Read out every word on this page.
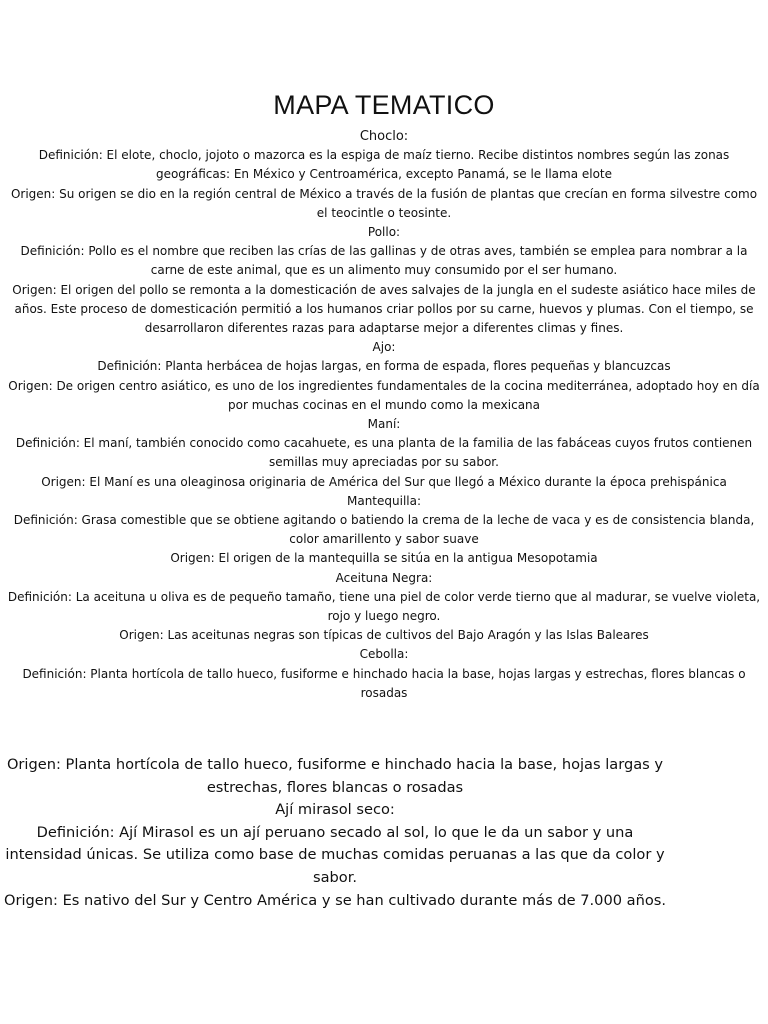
MAPA TEMATICO

Choclo:

Definición: El elote, choclo, jojoto o mazorca es la espiga de maíz tierno. Recibe distintos nombres según las zonas geográficas: En México y Centroamérica, excepto Panamá, se le llama elote

Origen: Su origen se dio en la región central de México a través de la fusión de plantas que crecían en forma silvestre como el teocintle o teosinte.

Pollo:

Definición: Pollo es el nombre que reciben las crías de las gallinas y de otras aves, también se emplea para nombrar a la carne de este animal, que es un alimento muy consumido por el ser humano.

Origen: El origen del pollo se remonta a la domesticación de aves salvajes de la jungla en el sudeste asiático hace miles de años. Este proceso de domesticación permitió a los humanos criar pollos por su carne, huevos y plumas. Con el tiempo, se desarrollaron diferentes razas para adaptarse mejor a diferentes climas y fines.

Ajo:

Definición: Planta herbácea de hojas largas, en forma de espada, flores pequeñas y blancuzcas

Origen: De origen centro asiático, es uno de los ingredientes fundamentales de la cocina mediterránea, adoptado hoy en día por muchas cocinas en el mundo como la mexicana

Maní:

Definición: El maní, también conocido como cacahuete, es una planta de la familia de las fabáceas cuyos frutos contienen semillas muy apreciadas por su sabor.

Origen: El Maní es una oleaginosa originaria de América del Sur que llegó a México durante la época prehispánica

Mantequilla:

Definición: Grasa comestible que se obtiene agitando o batiendo la crema de la leche de vaca y es de consistencia blanda, color amarillento y sabor suave

Origen: El origen de la mantequilla se sitúa en la antigua Mesopotamia

Aceituna Negra:

Definición: La aceituna u oliva es de pequeño tamaño, tiene una piel de color verde tierno que al madurar, se vuelve violeta, rojo y luego negro.

Origen: Las aceitunas negras son típicas de cultivos del Bajo Aragón y las Islas Baleares

Cebolla:

Definición: Planta hortícola de tallo hueco, fusiforme e hinchado hacia la base, hojas largas y estrechas, flores blancas o rosadas

Origen: Planta hortícola de tallo hueco, fusiforme e hinchado hacia la base, hojas largas y estrechas, flores blancas o rosadas

Ají mirasol seco:

Definición: Ají Mirasol es un ají peruano secado al sol, lo que le da un sabor y una intensidad únicas. Se utiliza como base de muchas comidas peruanas a las que da color y sabor.

Origen: Es nativo del Sur y Centro América y se han cultivado durante más de 7.000 años.
